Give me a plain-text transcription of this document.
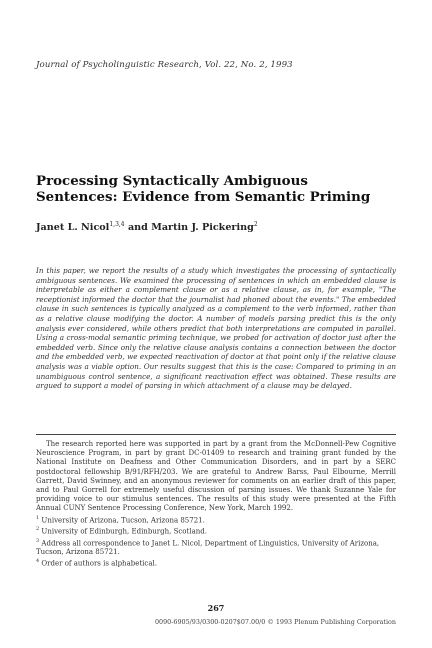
Journal of Psycholinguistic Research, Vol. 22, No. 2, 1993
Processing Syntactically Ambiguous
Sentences: Evidence from Semantic Priming
Janet L. Nicol$^{1,3,4}$ and Martin J. Pickering$^2$
In this paper, we report the results of a study which investigates the processing of syntactically ambiguous sentences. We examined the processing of sentences in which an embedded clause is interpretable as either a complement clause or as a relative clause, as in, for example, "The receptionist informed the doctor that the journalist had phoned about the events." The embedded clause in such sentences is typically analyzed as a complement to the verb informed, rather than as a relative clause modifying the doctor. A number of models parsing predict this is the only analysis ever considered, while others predict that both interpretations are computed in parallel. Using a cross-modal semantic priming technique, we probed for activation of doctor just after the embedded verb. Since only the relative clause analysis contains a connection between the doctor and the embedded verb, we expected reactivation of doctor at that point only if the relative clause analysis was a viable option. Our results suggest that this is the case: Compared to priming in an unambiguous control sentence, a significant reactivation effect was obtained. These results are argued to support a model of parsing in which attachment of a clause may be delayed.

The research reported here was supported in part by a grant from the McDonnell-Pew Cognitive Neuroscience Program, in part by grant DC-01409 to research and training grant funded by the National Institute on Deafness and Other Communication Disorders, and in part by a SERC postdoctoral fellowship B/91/RFH/203. We are grateful to Andrew Barss, Paul Elbourne, Merrill Garrett, David Swinney, and an anonymous reviewer for comments on an earlier draft of this paper, and to Paul Gorrell for extremely useful discussion of parsing issues. We thank Suzanne Yale for providing voice to our stimulus sentences. The results of this study were presented at the Fifth Annual CUNY Sentence Processing Conference, New York, March 1992.

$^1$ University of Arizona, Tucson, Arizona 85721.

$^2$ University of Edinburgh, Edinburgh, Scotland.

$^3$ Address all correspondence to Janet L. Nicol, Department of Linguistics, University of Arizona, Tucson, Arizona 85721.

$^4$ Order of authors is alphabetical.

267
0090-6905/93/0300-0207$07.00/0 © 1993 Plenum Publishing Corporation
